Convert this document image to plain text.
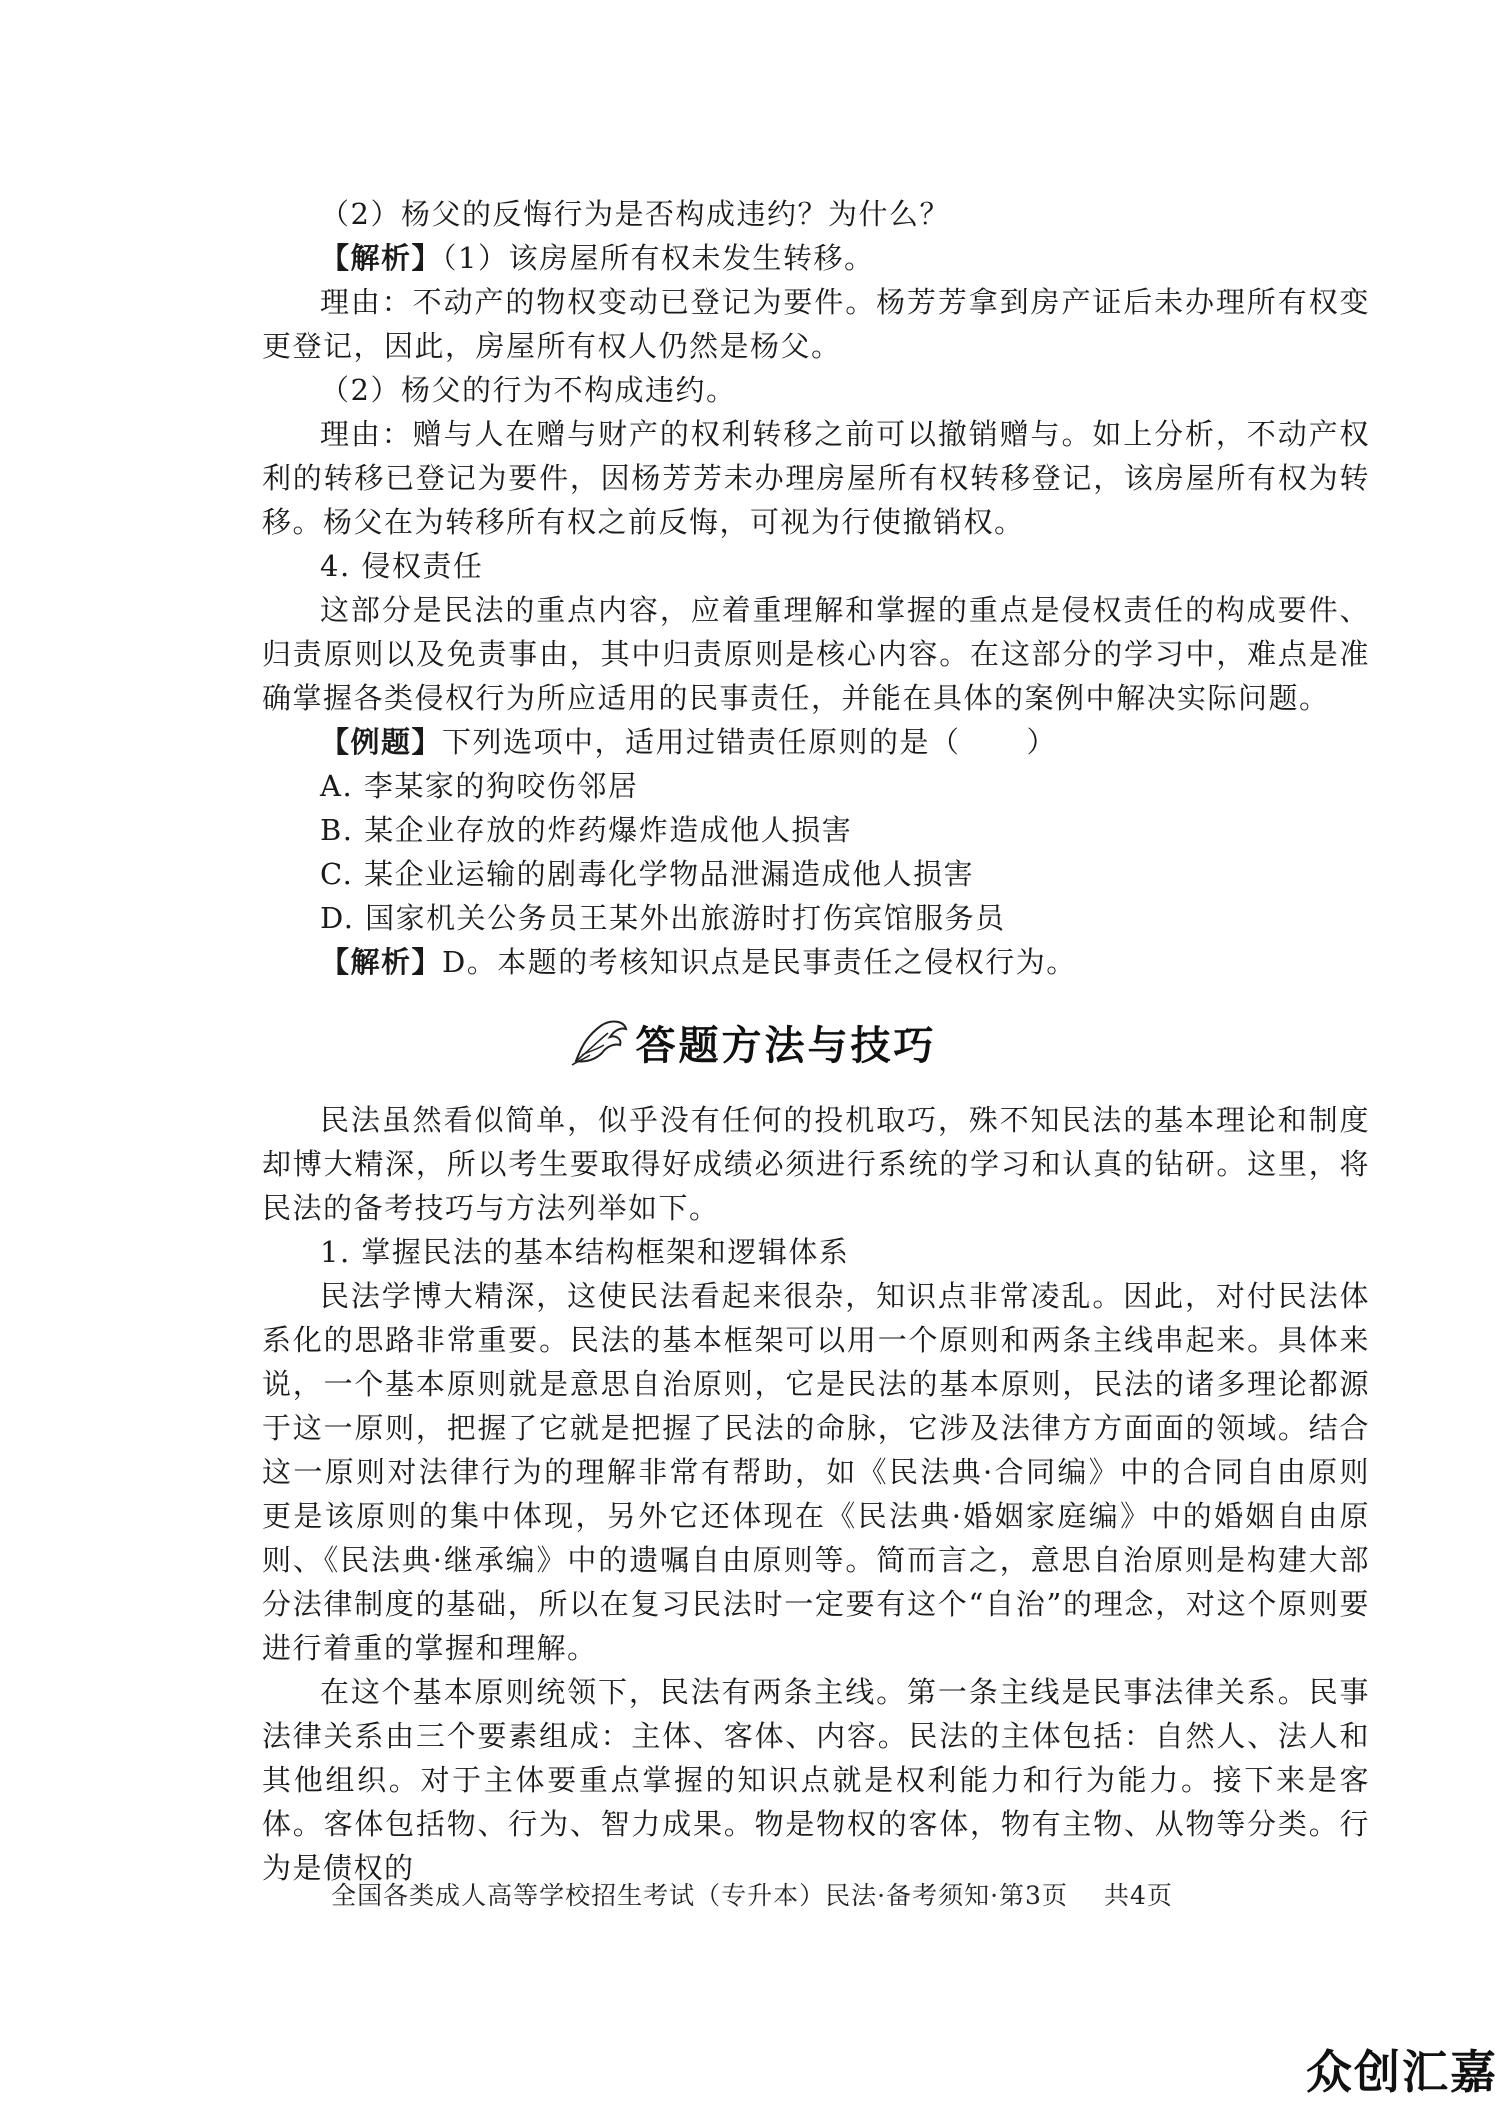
（2）杨父的反悔行为是否构成违约？为什么？

【解析】（1）该房屋所有权未发生转移。

理由：不动产的物权变动已登记为要件。杨芳芳拿到房产证后未办理所有权变更登记，因此，房屋所有权人仍然是杨父。

（2）杨父的行为不构成违约。

理由：赠与人在赠与财产的权利转移之前可以撤销赠与。如上分析，不动产权利的转移已登记为要件，因杨芳芳未办理房屋所有权转移登记，该房屋所有权为转移。杨父在为转移所有权之前反悔，可视为行使撤销权。

4. 侵权责任

这部分是民法的重点内容，应着重理解和掌握的重点是侵权责任的构成要件、归责原则以及免责事由，其中归责原则是核心内容。在这部分的学习中，难点是准确掌握各类侵权行为所应适用的民事责任，并能在具体的案例中解决实际问题。

【例题】下列选项中，适用过错责任原则的是（ ）

A. 李某家的狗咬伤邻居

B. 某企业存放的炸药爆炸造成他人损害

C. 某企业运输的剧毒化学物品泄漏造成他人损害

D. 国家机关公务员王某外出旅游时打伤宾馆服务员

【解析】D。本题的考核知识点是民事责任之侵权行为。

答题方法与技巧

民法虽然看似简单，似乎没有任何的投机取巧，殊不知民法的基本理论和制度却博大精深，所以考生要取得好成绩必须进行系统的学习和认真的钻研。这里，将民法的备考技巧与方法列举如下。

1. 掌握民法的基本结构框架和逻辑体系

民法学博大精深，这使民法看起来很杂，知识点非常凌乱。因此，对付民法体系化的思路非常重要。民法的基本框架可以用一个原则和两条主线串起来。具体来说，一个基本原则就是意思自治原则，它是民法的基本原则，民法的诸多理论都源于这一原则，把握了它就是把握了民法的命脉，它涉及法律方方面面的领域。结合这一原则对法律行为的理解非常有帮助，如《民法典·合同编》中的合同自由原则更是该原则的集中体现，另外它还体现在《民法典·婚姻家庭编》中的婚姻自由原则、《民法典·继承编》中的遗嘱自由原则等。简而言之，意思自治原则是构建大部分法律制度的基础，所以在复习民法时一定要有这个“自治”的理念，对这个原则要进行着重的掌握和理解。

在这个基本原则统领下，民法有两条主线。第一条主线是民事法律关系。民事法律关系由三个要素组成：主体、客体、内容。民法的主体包括：自然人、法人和其他组织。对于主体要重点掌握的知识点就是权利能力和行为能力。接下来是客体。客体包括物、行为、智力成果。物是物权的客体，物有主物、从物等分类。行为是债权的

全国各类成人高等学校招生考试（专升本）民法·备考须知·第3页 共4页
众创汇嘉
